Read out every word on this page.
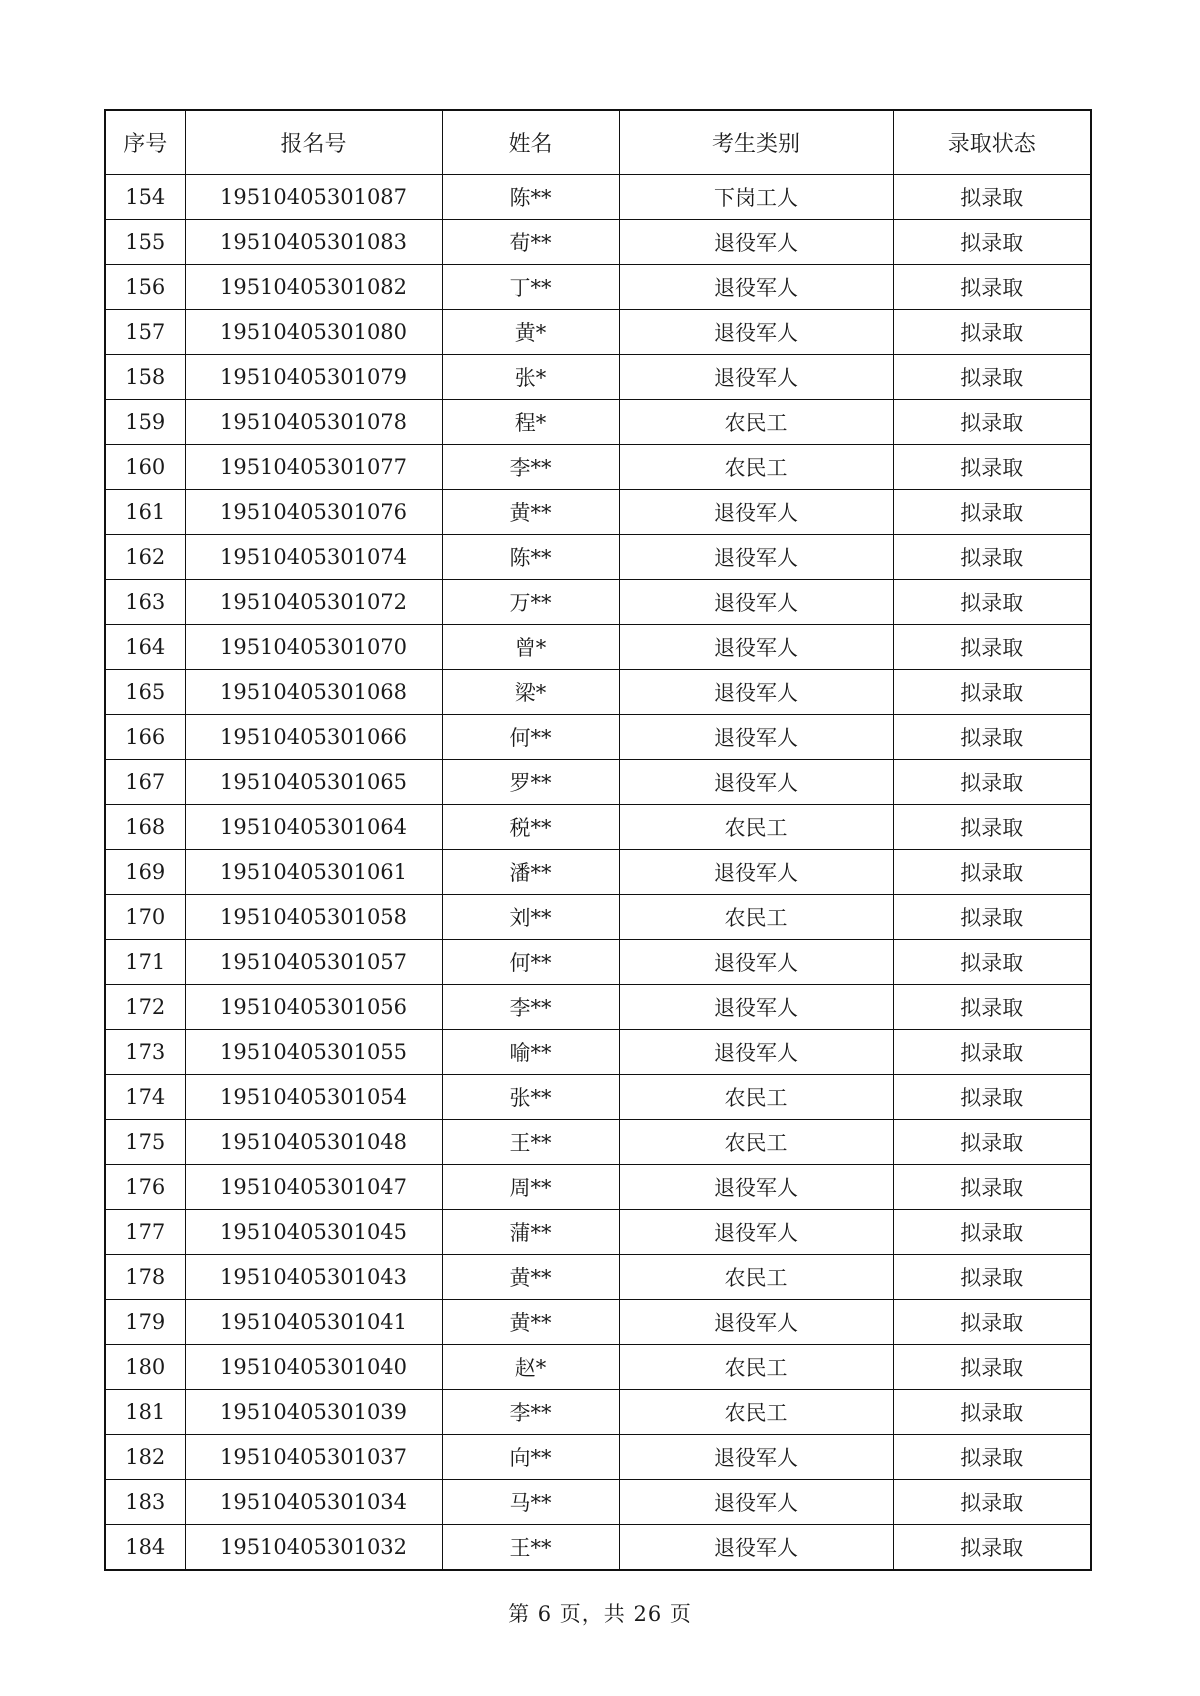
序号	报名号	姓名	考生类别	录取状态
154	19510405301087	陈**	下岗工人	拟录取
155	19510405301083	荀**	退役军人	拟录取
156	19510405301082	丁**	退役军人	拟录取
157	19510405301080	黄*	退役军人	拟录取
158	19510405301079	张*	退役军人	拟录取
159	19510405301078	程*	农民工	拟录取
160	19510405301077	李**	农民工	拟录取
161	19510405301076	黄**	退役军人	拟录取
162	19510405301074	陈**	退役军人	拟录取
163	19510405301072	万**	退役军人	拟录取
164	19510405301070	曾*	退役军人	拟录取
165	19510405301068	梁*	退役军人	拟录取
166	19510405301066	何**	退役军人	拟录取
167	19510405301065	罗**	退役军人	拟录取
168	19510405301064	税**	农民工	拟录取
169	19510405301061	潘**	退役军人	拟录取
170	19510405301058	刘**	农民工	拟录取
171	19510405301057	何**	退役军人	拟录取
172	19510405301056	李**	退役军人	拟录取
173	19510405301055	喻**	退役军人	拟录取
174	19510405301054	张**	农民工	拟录取
175	19510405301048	王**	农民工	拟录取
176	19510405301047	周**	退役军人	拟录取
177	19510405301045	蒲**	退役军人	拟录取
178	19510405301043	黄**	农民工	拟录取
179	19510405301041	黄**	退役军人	拟录取
180	19510405301040	赵*	农民工	拟录取
181	19510405301039	李**	农民工	拟录取
182	19510405301037	向**	退役军人	拟录取
183	19510405301034	马**	退役军人	拟录取
184	19510405301032	王**	退役军人	拟录取
第 6 页，共 26 页
